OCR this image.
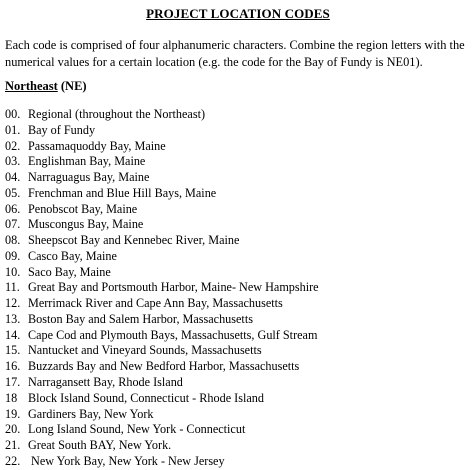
PROJECT LOCATION CODES
Each code is comprised of four alphanumeric characters. Combine the region letters with the
numerical values for a certain location (e.g. the code for the Bay of Fundy is NE01).
Northeast (NE)
00. Regional (throughout the Northeast)
01. Bay of Fundy
02. Passamaquoddy Bay, Maine
03. Englishman Bay, Maine
04. Narraguagus Bay, Maine
05. Frenchman and Blue Hill Bays, Maine
06. Penobscot Bay, Maine
07. Muscongus Bay, Maine
08. Sheepscot Bay and Kennebec River, Maine
09. Casco Bay, Maine
10. Saco Bay, Maine
11. Great Bay and Portsmouth Harbor, Maine- New Hampshire
12. Merrimack River and Cape Ann Bay, Massachusetts
13. Boston Bay and Salem Harbor, Massachusetts
14. Cape Cod and Plymouth Bays, Massachusetts, Gulf Stream
15. Nantucket and Vineyard Sounds, Massachusetts
16. Buzzards Bay and New Bedford Harbor, Massachusetts
17. Narragansett Bay, Rhode Island
18 Block Island Sound, Connecticut - Rhode Island
19. Gardiners Bay, New York
20. Long Island Sound, New York - Connecticut
21. Great South BAY, New York.
22. New York Bay, New York - New Jersey
